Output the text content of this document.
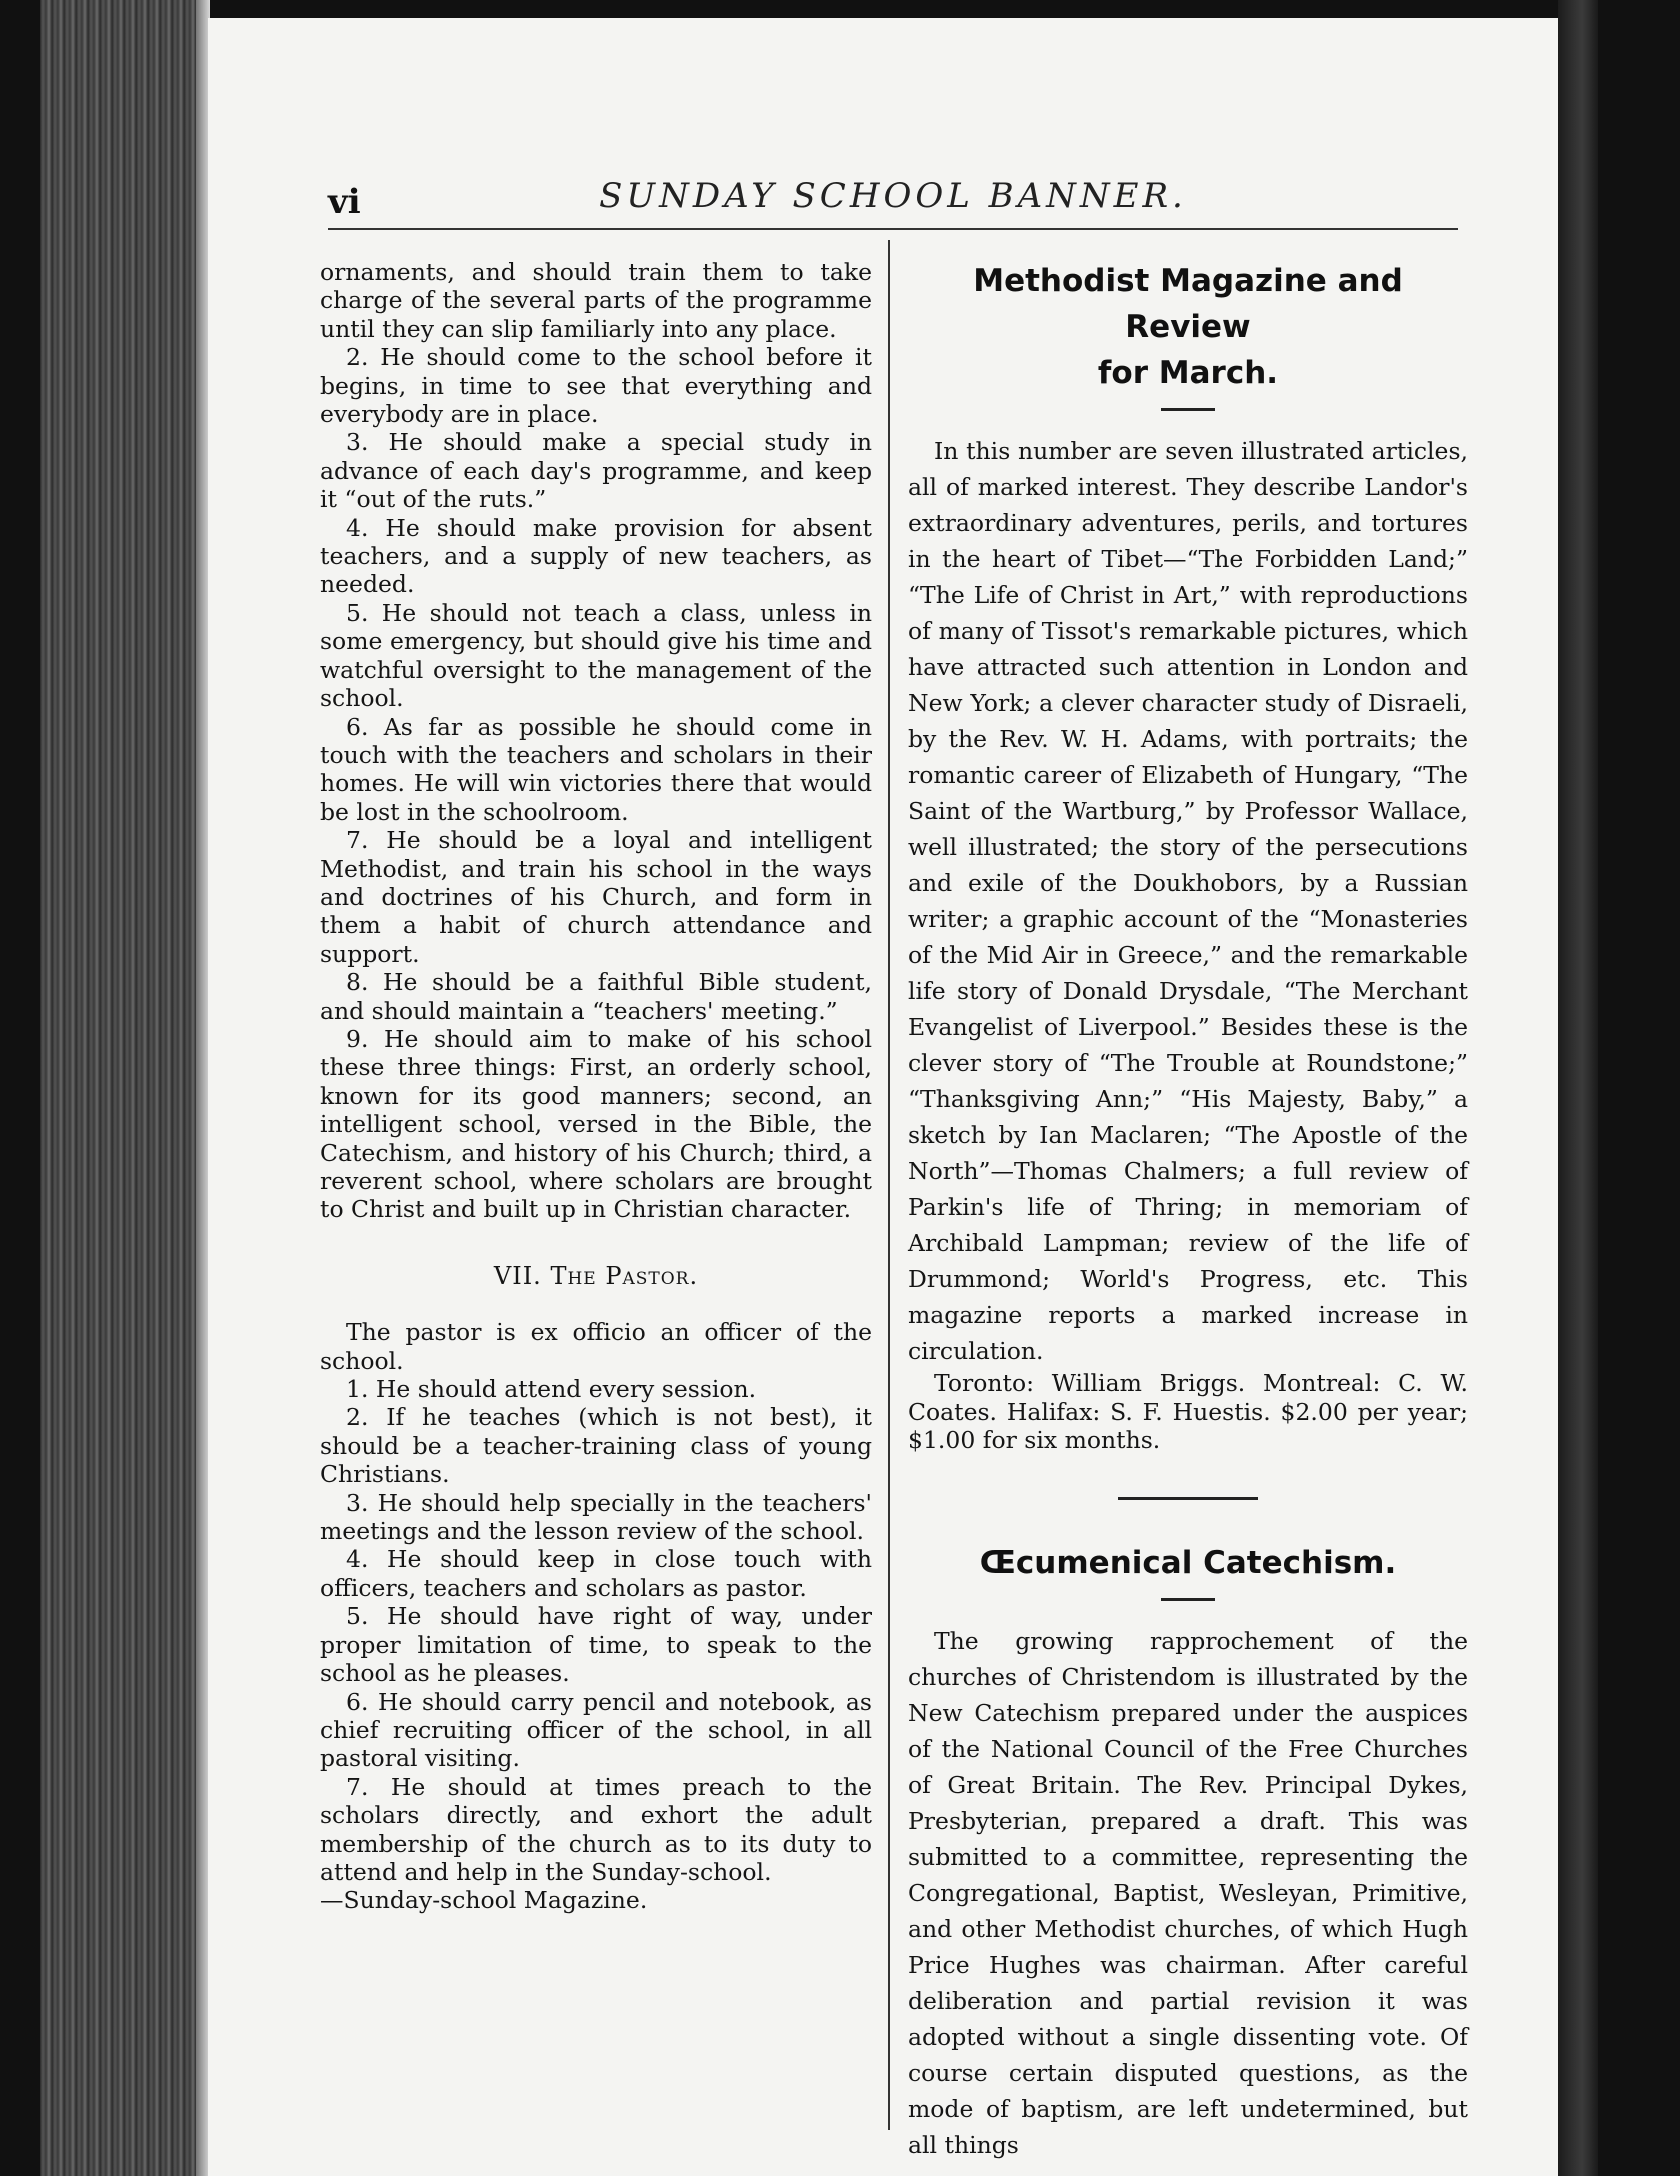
vi	SUNDAY SCHOOL BANNER.

ornaments, and should train them to take charge of the several parts of the programme until they can slip familiarly into any place.

2. He should come to the school before it begins, in time to see that everything and everybody are in place.

3. He should make a special study in advance of each day's programme, and keep it “out of the ruts.”

4. He should make provision for absent teachers, and a supply of new teachers, as needed.

5. He should not teach a class, unless in some emergency, but should give his time and watchful oversight to the management of the school.

6. As far as possible he should come in touch with the teachers and scholars in their homes. He will win victories there that would be lost in the schoolroom.

7. He should be a loyal and intelligent Methodist, and train his school in the ways and doctrines of his Church, and form in them a habit of church attendance and support.

8. He should be a faithful Bible student, and should maintain a “teachers' meeting.”

9. He should aim to make of his school these three things: First, an orderly school, known for its good manners; second, an intelligent school, versed in the Bible, the Catechism, and history of his Church; third, a reverent school, where scholars are brought to Christ and built up in Christian character.

VII. The Pastor.

The pastor is ex officio an officer of the school.

1. He should attend every session.

2. If he teaches (which is not best), it should be a teacher-training class of young Christians.

3. He should help specially in the teachers' meetings and the lesson review of the school.

4. He should keep in close touch with officers, teachers and scholars as pastor.

5. He should have right of way, under proper limitation of time, to speak to the school as he pleases.

6. He should carry pencil and notebook, as chief recruiting officer of the school, in all pastoral visiting.

7. He should at times preach to the scholars directly, and exhort the adult membership of the church as to its duty to attend and help in the Sunday-school.

—Sunday-school Magazine.

Methodist Magazine and Review
for March.

In this number are seven illustrated articles, all of marked interest. They describe Landor's extraordinary adventures, perils, and tortures in the heart of Tibet—“The Forbidden Land;” “The Life of Christ in Art,” with reproductions of many of Tissot's remarkable pictures, which have attracted such attention in London and New York; a clever character study of Disraeli, by the Rev. W. H. Adams, with portraits; the romantic career of Elizabeth of Hungary, “The Saint of the Wartburg,” by Professor Wallace, well illustrated; the story of the persecutions and exile of the Doukhobors, by a Russian writer; a graphic account of the “Monasteries of the Mid Air in Greece,” and the remarkable life story of Donald Drysdale, “The Merchant Evangelist of Liverpool.” Besides these is the clever story of “The Trouble at Roundstone;” “Thanksgiving Ann;” “His Majesty, Baby,” a sketch by Ian Maclaren; “The Apostle of the North”—Thomas Chalmers; a full review of Parkin's life of Thring; in memoriam of Archibald Lampman; review of the life of Drummond; World's Progress, etc. This magazine reports a marked increase in circulation.

Toronto: William Briggs. Montreal: C. W. Coates. Halifax: S. F. Huestis. $2.00 per year; $1.00 for six months.

Œcumenical Catechism.

The growing rapprochement of the churches of Christendom is illustrated by the New Catechism prepared under the auspices of the National Council of the Free Churches of Great Britain. The Rev. Principal Dykes, Presbyterian, prepared a draft. This was submitted to a committee, representing the Congregational, Baptist, Wesleyan, Primitive, and other Methodist churches, of which Hugh Price Hughes was chairman. After careful deliberation and partial revision it was adopted without a single dissenting vote. Of course certain disputed questions, as the mode of baptism, are left undetermined, but all things
